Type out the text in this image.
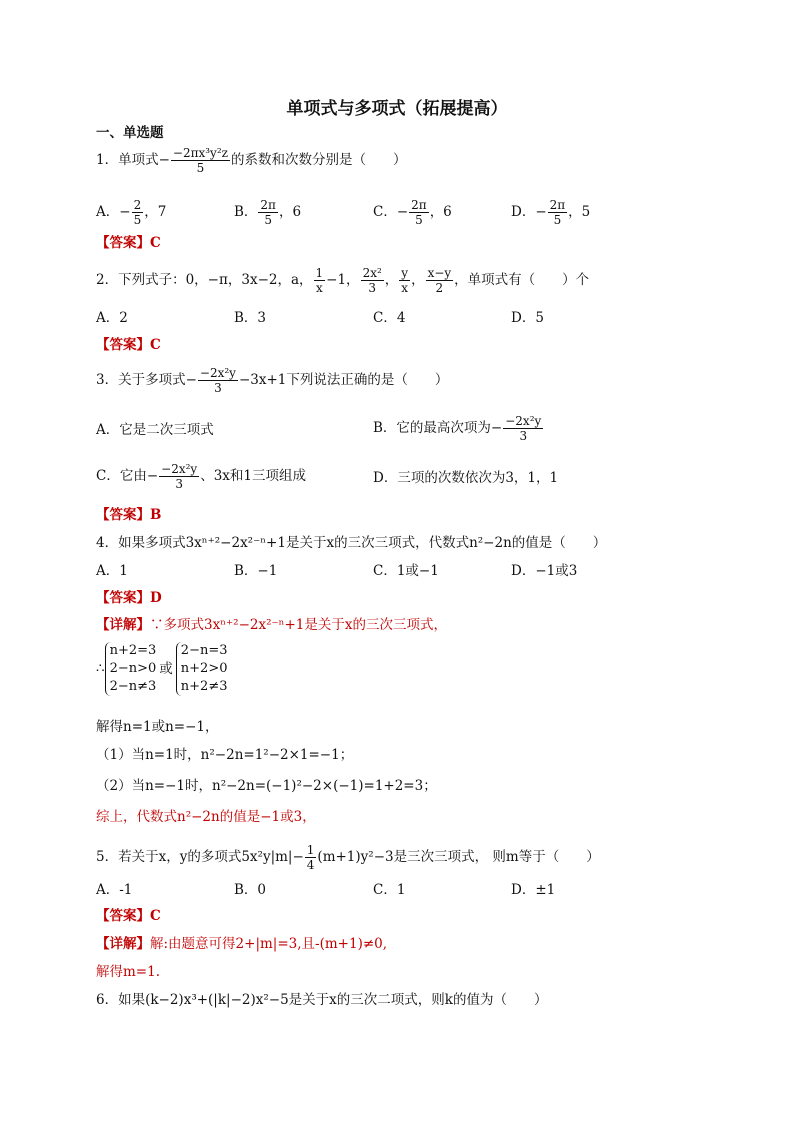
单项式与多项式（拓展提高）
一、单选题
1．单项式− $\frac{\text{−2πx³y²z}}{5}$ 的系数和次数分别是（　　）
A．− $\frac{2}{5}$ ，7	B． $\frac{2\pi}{5}$ ，6	C．− $\frac{2\pi}{5}$ ，6	D．− $\frac{2\pi}{5}$ ，5
【答案】C
2．下列式子：0，−π，3x−2，a， $\frac{1}{x} -1$， $\frac{\text{2x²}}{3}$ ， $\frac{y}{x}$ ， $\frac{x-y}{2}$ ，单项式有（　　）个
A．2	B．3	C．4	D．5
【答案】C
3．关于多项式− $\frac{\text{−2x²y}}{3} -3x+1$下列说法正确的是（　　）
A．它是二次三项式	B．它的最高次项为− $\frac{\text{−2x²y}}{3}$
C．它由− $\frac{\text{−2x²y}}{3}$ 、3x和1三项组成	D．三项的次数依次为3，1，1
【答案】B
4．如果多项式3xⁿ⁺²−2x²⁻ⁿ+1是关于x的三次三项式，代数式n²−2n的值是（　　）
A．1	B．−1	C．1或−1	D．−1或3
【答案】D
【详解】∵多项式3xⁿ⁺²−2x²⁻ⁿ+1是关于x的三次三项式，
∴
n+2=3
2−n>0
2−n≠3
或
2−n=3
n+2>0
n+2≠3
解得n=1或n=−1，
（1）当n=1时，n²−2n=1²−2×1=−1；
（2）当n=−1时，n²−2n=(−1)²−2×(−1)=1+2=3；
综上，代数式n²−2n的值是−1或3，
5．若关于x，y的多项式$5x^2y|m|- \frac{1}{4} (m+1)y^2-3$是三次三项式， 则m等于（　　）
A．-1	B．0	C．1	D．±1
【答案】C
【详解】解:由题意可得2+|m|=3,且-(m+1)≠0,
解得m=1.
6．如果(k−2)x³+(|k|−2)x²−5是关于x的三次二项式，则k的值为（　　）
